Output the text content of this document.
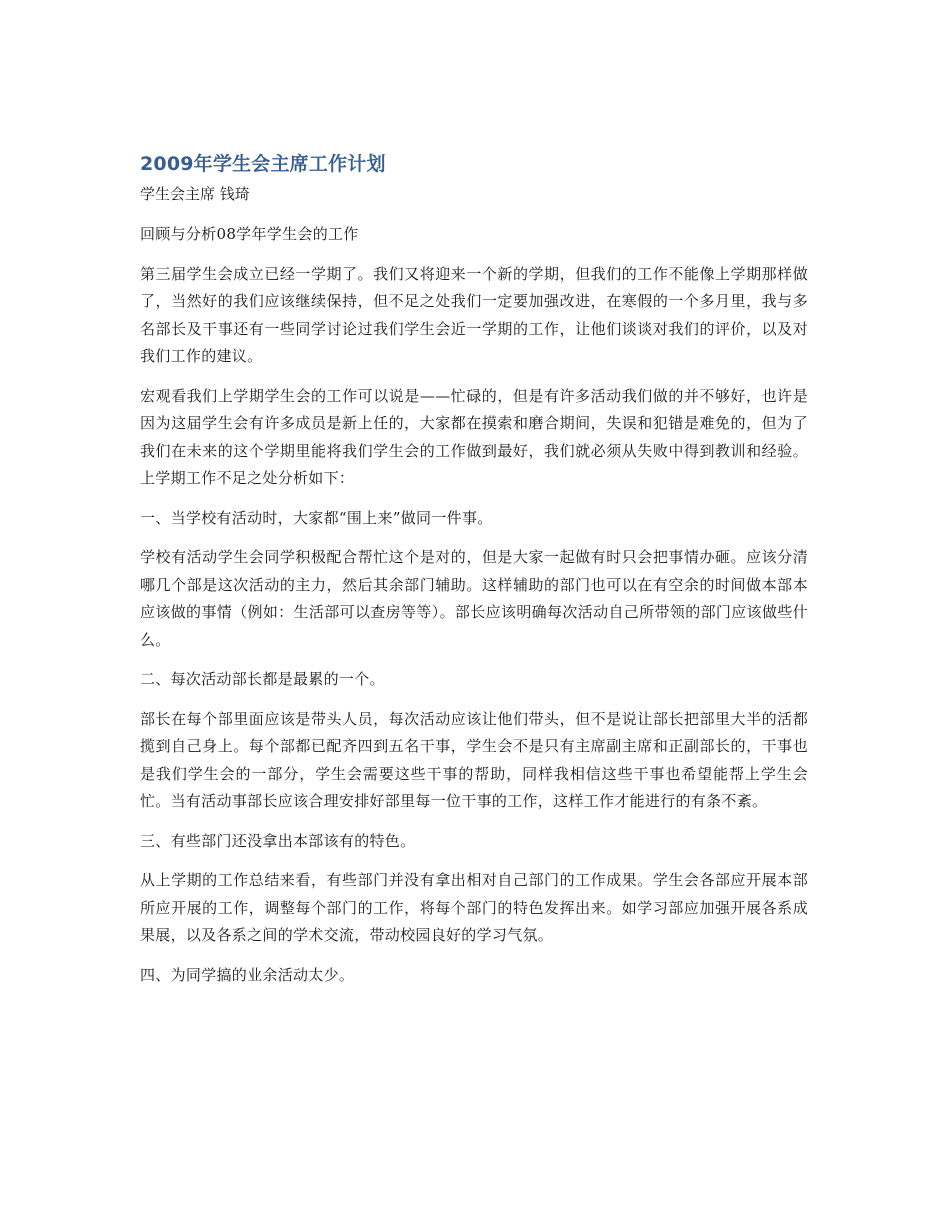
2009年学生会主席工作计划

学生会主席 钱琦

回顾与分析08学年学生会的工作

第三届学生会成立已经一学期了。我们又将迎来一个新的学期，但我们的工作不能像上学期那样做了，当然好的我们应该继续保持，但不足之处我们一定要加强改进，在寒假的一个多月里，我与多名部长及干事还有一些同学讨论过我们学生会近一学期的工作，让他们谈谈对我们的评价，以及对我们工作的建议。

宏观看我们上学期学生会的工作可以说是——忙碌的，但是有许多活动我们做的并不够好，也许是因为这届学生会有许多成员是新上任的，大家都在摸索和磨合期间，失误和犯错是难免的，但为了我们在未来的这个学期里能将我们学生会的工作做到最好，我们就必须从失败中得到教训和经验。上学期工作不足之处分析如下：

一、当学校有活动时，大家都“围上来”做同一件事。

学校有活动学生会同学积极配合帮忙这个是对的，但是大家一起做有时只会把事情办砸。应该分清哪几个部是这次活动的主力，然后其余部门辅助。这样辅助的部门也可以在有空余的时间做本部本应该做的事情（例如：生活部可以查房等等）。部长应该明确每次活动自己所带领的部门应该做些什么。

二、每次活动部长都是最累的一个。

部长在每个部里面应该是带头人员，每次活动应该让他们带头，但不是说让部长把部里大半的活都揽到自己身上。每个部都已配齐四到五名干事，学生会不是只有主席副主席和正副部长的，干事也是我们学生会的一部分，学生会需要这些干事的帮助，同样我相信这些干事也希望能帮上学生会忙。当有活动事部长应该合理安排好部里每一位干事的工作，这样工作才能进行的有条不紊。

三、有些部门还没拿出本部该有的特色。

从上学期的工作总结来看，有些部门并没有拿出相对自己部门的工作成果。学生会各部应开展本部所应开展的工作，调整每个部门的工作，将每个部门的特色发挥出来。如学习部应加强开展各系成果展，以及各系之间的学术交流，带动校园良好的学习气氛。

四、为同学搞的业余活动太少。
